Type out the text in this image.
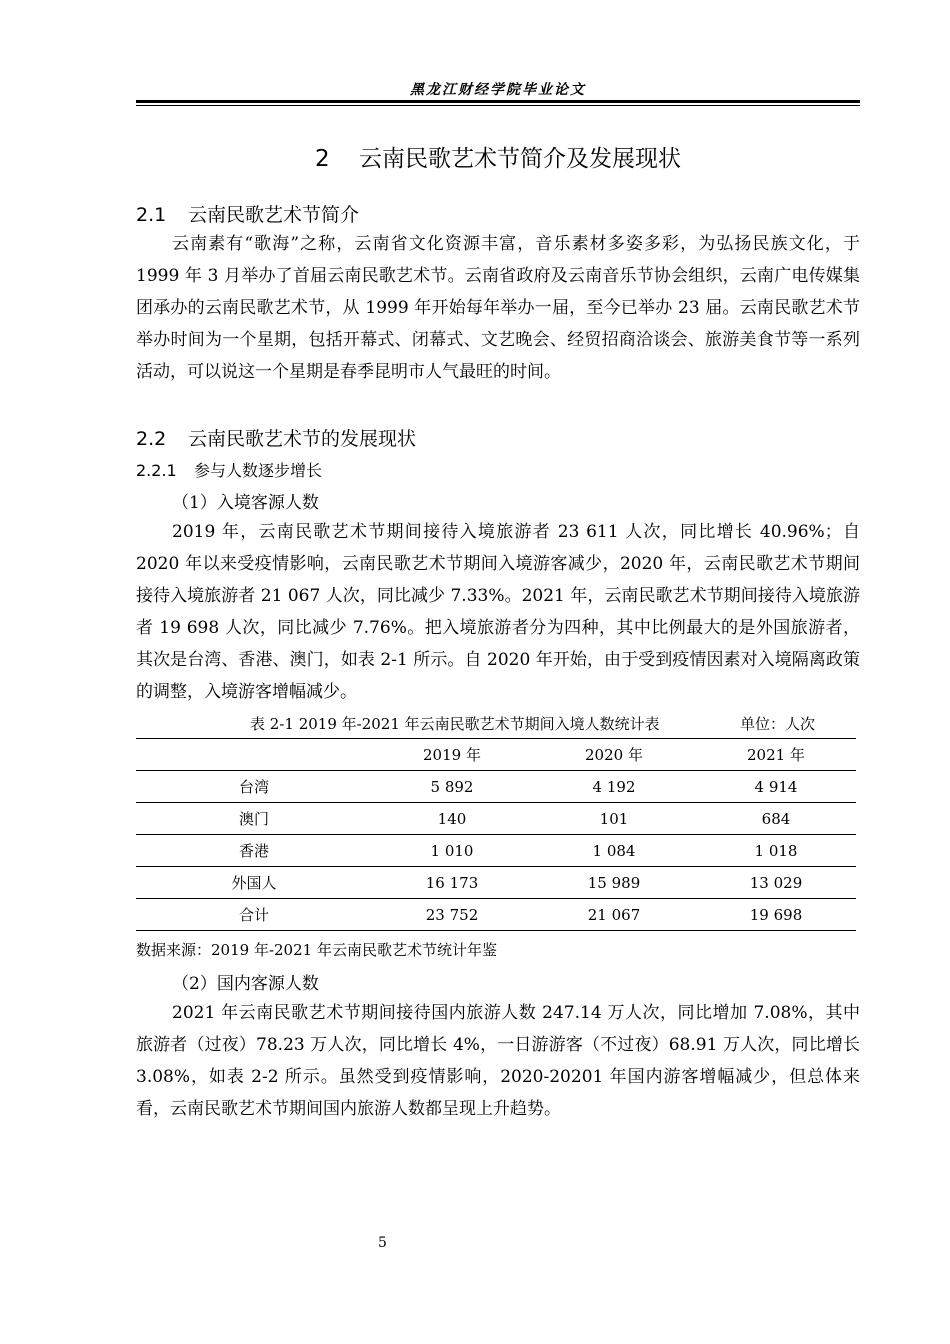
黑龙江财经学院毕业论文
2 云南民歌艺术节简介及发展现状
2.1 云南民歌艺术节简介

云南素有“歌海”之称，云南省文化资源丰富，音乐素材多姿多彩，为弘扬民族文化，于 1999 年 3 月举办了首届云南民歌艺术节。云南省政府及云南音乐节协会组织，云南广电传媒集团承办的云南民歌艺术节，从 1999 年开始每年举办一届，至今已举办 23 届。云南民歌艺术节举办时间为一个星期，包括开幕式、闭幕式、文艺晚会、经贸招商洽谈会、旅游美食节等一系列活动，可以说这一个星期是春季昆明市人气最旺的时间。

2.2 云南民歌艺术节的发展现状
2.2.1 参与人数逐步增长
（1）入境客源人数

2019 年，云南民歌艺术节期间接待入境旅游者 23 611 人次，同比增长 40.96%；自 2020 年以来受疫情影响，云南民歌艺术节期间入境游客减少，2020 年，云南民歌艺术节期间接待入境旅游者 21 067 人次，同比减少 7.33%。2021 年，云南民歌艺术节期间接待入境旅游者 19 698 人次，同比减少 7.76%。把入境旅游者分为四种，其中比例最大的是外国旅游者，其次是台湾、香港、澳门，如表 2-1 所示。自 2020 年开始，由于受到疫情因素对入境隔离政策的调整，入境游客增幅减少。

表 2-1 2019 年-2021 年云南民歌艺术节期间入境人数统计表	单位：人次
	2019 年	2020 年	2021 年
台湾	5 892	4 192	4 914
澳门	140	101	684
香港	1 010	1 084	1 018
外国人	16 173	15 989	13 029
合计	23 752	21 067	19 698
数据来源：2019 年-2021 年云南民歌艺术节统计年鉴
（2）国内客源人数

2021 年云南民歌艺术节期间接待国内旅游人数 247.14 万人次，同比增加 7.08%，其中旅游者（过夜）78.23 万人次，同比增长 4%，一日游游客（不过夜）68.91 万人次，同比增长 3.08%，如表 2-2 所示。虽然受到疫情影响，2020-20201 年国内游客增幅减少，但总体来看，云南民歌艺术节期间国内旅游人数都呈现上升趋势。

5
